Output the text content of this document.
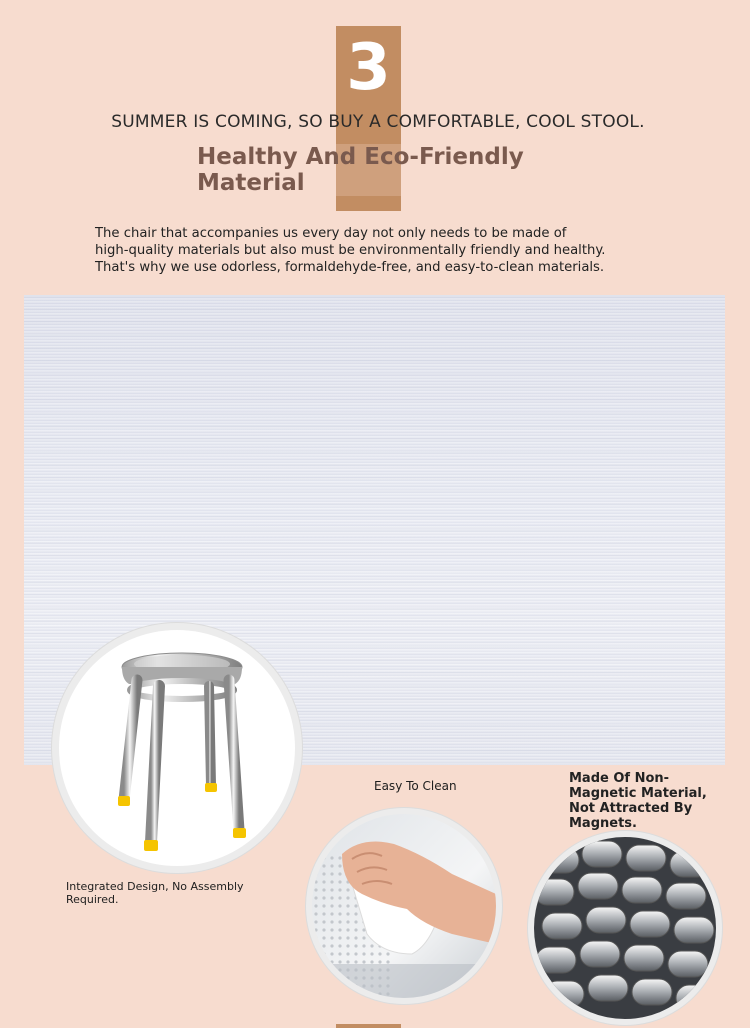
3
SUMMER IS COMING, SO BUY A COMFORTABLE, COOL STOOL.
Healthy And Eco-Friendly
Material
The chair that accompanies us every day not only needs to be made of
high-quality materials but also must be environmentally friendly and healthy.
That's why we use odorless, formaldehyde-free, and easy-to-clean materials.
Easy To Clean
Integrated Design, No Assembly Required.
Made Of Non-Magnetic Material, Not Attracted By Magnets.
